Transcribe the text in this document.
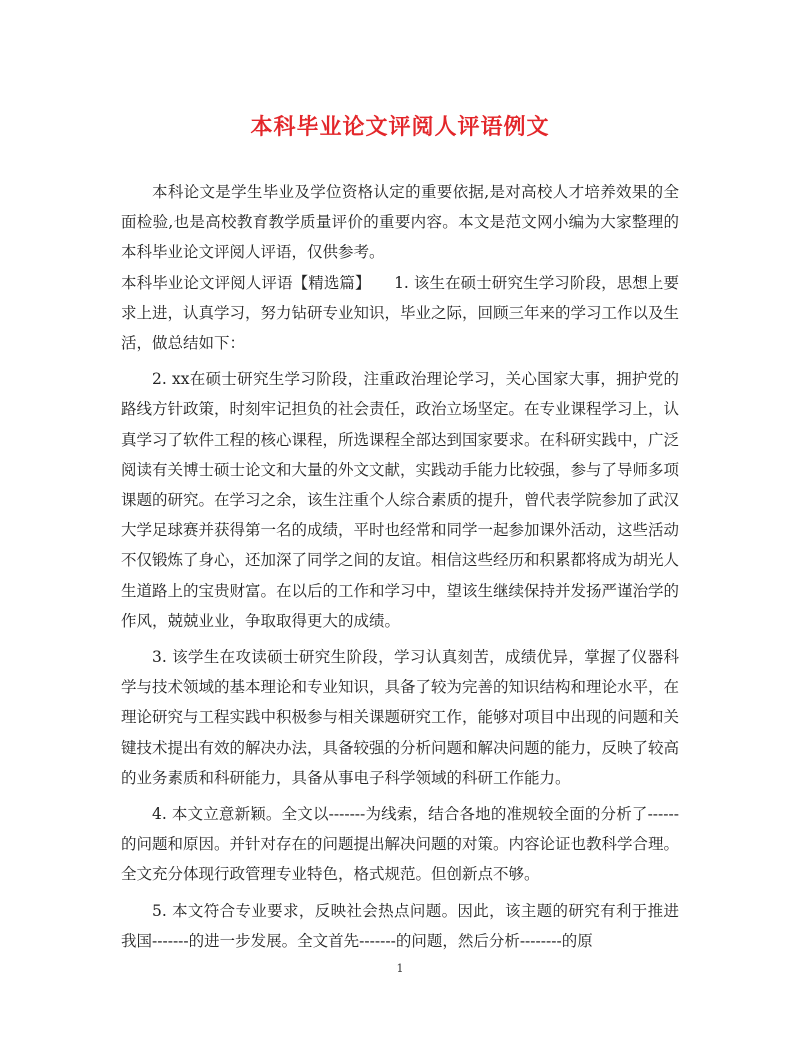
本科毕业论文评阅人评语例文

本科论文是学生毕业及学位资格认定的重要依据,是对高校人才培养效果的全面检验,也是高校教育教学质量评价的重要内容。本文是范文网小编为大家整理的本科毕业论文评阅人评语，仅供参考。

本科毕业论文评阅人评语【精选篇】　　1. 该生在硕士研究生学习阶段，思想上要求上进，认真学习，努力钻研专业知识，毕业之际，回顾三年来的学习工作以及生活，做总结如下：

2. xx在硕士研究生学习阶段，注重政治理论学习，关心国家大事，拥护党的路线方针政策，时刻牢记担负的社会责任，政治立场坚定。在专业课程学习上，认真学习了软件工程的核心课程，所选课程全部达到国家要求。在科研实践中，广泛阅读有关博士硕士论文和大量的外文文献，实践动手能力比较强，参与了导师多项课题的研究。在学习之余，该生注重个人综合素质的提升，曾代表学院参加了武汉大学足球赛并获得第一名的成绩，平时也经常和同学一起参加课外活动，这些活动不仅锻炼了身心，还加深了同学之间的友谊。相信这些经历和积累都将成为胡光人生道路上的宝贵财富。在以后的工作和学习中，望该生继续保持并发扬严谨治学的作风，兢兢业业，争取取得更大的成绩。

3. 该学生在攻读硕士研究生阶段，学习认真刻苦，成绩优异，掌握了仪器科学与技术领域的基本理论和专业知识，具备了较为完善的知识结构和理论水平，在理论研究与工程实践中积极参与相关课题研究工作，能够对项目中出现的问题和关键技术提出有效的解决办法，具备较强的分析问题和解决问题的能力，反映了较高的业务素质和科研能力，具备从事电子科学领域的科研工作能力。

4. 本文立意新颖。全文以-------为线索，结合各地的准规较全面的分析了------的问题和原因。并针对存在的问题提出解决问题的对策。内容论证也教科学合理。全文充分体现行政管理专业特色，格式规范。但创新点不够。

5. 本文符合专业要求，反映社会热点问题。因此，该主题的研究有利于推进我国-------的进一步发展。全文首先-------的问题，然后分析--------的原

1
